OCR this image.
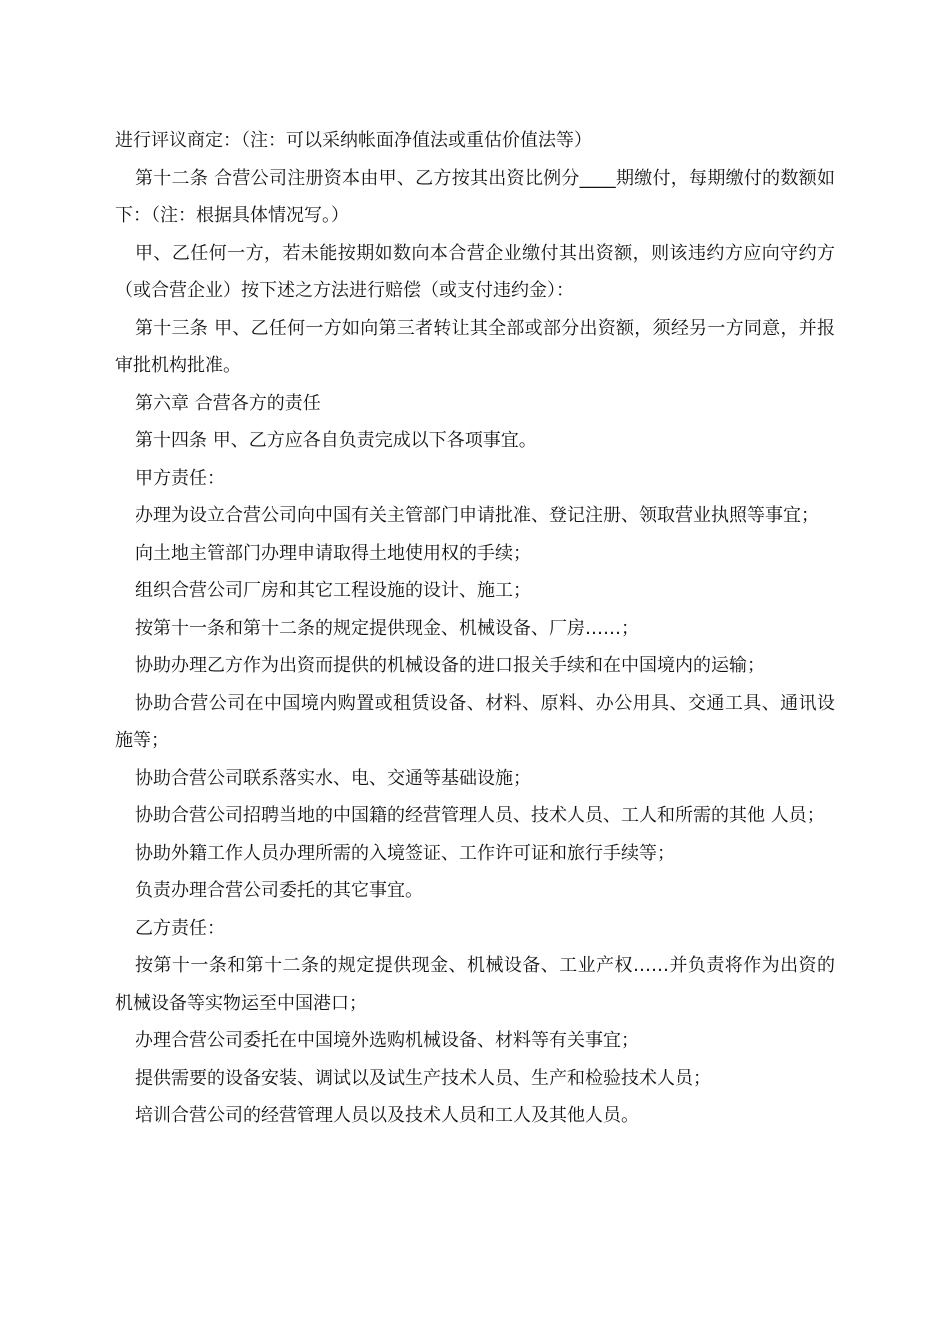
进行评议商定：（注：可以采纳帐面净值法或重估价值法等）

第十二条 合营公司注册资本由甲、乙方按其出资比例分____期缴付，每期缴付的数额如下：（注：根据具体情况写。）

甲、乙任何一方，若未能按期如数向本合营企业缴付其出资额，则该违约方应向守约方（或合营企业）按下述之方法进行赔偿（或支付违约金）：

第十三条 甲、乙任何一方如向第三者转让其全部或部分出资额，须经另一方同意，并报审批机构批准。

第六章 合营各方的责任

第十四条 甲、乙方应各自负责完成以下各项事宜。

甲方责任：

办理为设立合营公司向中国有关主管部门申请批准、登记注册、领取营业执照等事宜；

向土地主管部门办理申请取得土地使用权的手续；

组织合营公司厂房和其它工程设施的设计、施工；

按第十一条和第十二条的规定提供现金、机械设备、厂房……；

协助办理乙方作为出资而提供的机械设备的进口报关手续和在中国境内的运输；

协助合营公司在中国境内购置或租赁设备、材料、原料、办公用具、交通工具、通讯设施等；

协助合营公司联系落实水、电、交通等基础设施；

协助合营公司招聘当地的中国籍的经营管理人员、技术人员、工人和所需的其他 人员；

协助外籍工作人员办理所需的入境签证、工作许可证和旅行手续等；

负责办理合营公司委托的其它事宜。

乙方责任：

按第十一条和第十二条的规定提供现金、机械设备、工业产权……并负责将作为出资的机械设备等实物运至中国港口；

办理合营公司委托在中国境外选购机械设备、材料等有关事宜；

提供需要的设备安装、调试以及试生产技术人员、生产和检验技术人员；

培训合营公司的经营管理人员以及技术人员和工人及其他人员。
